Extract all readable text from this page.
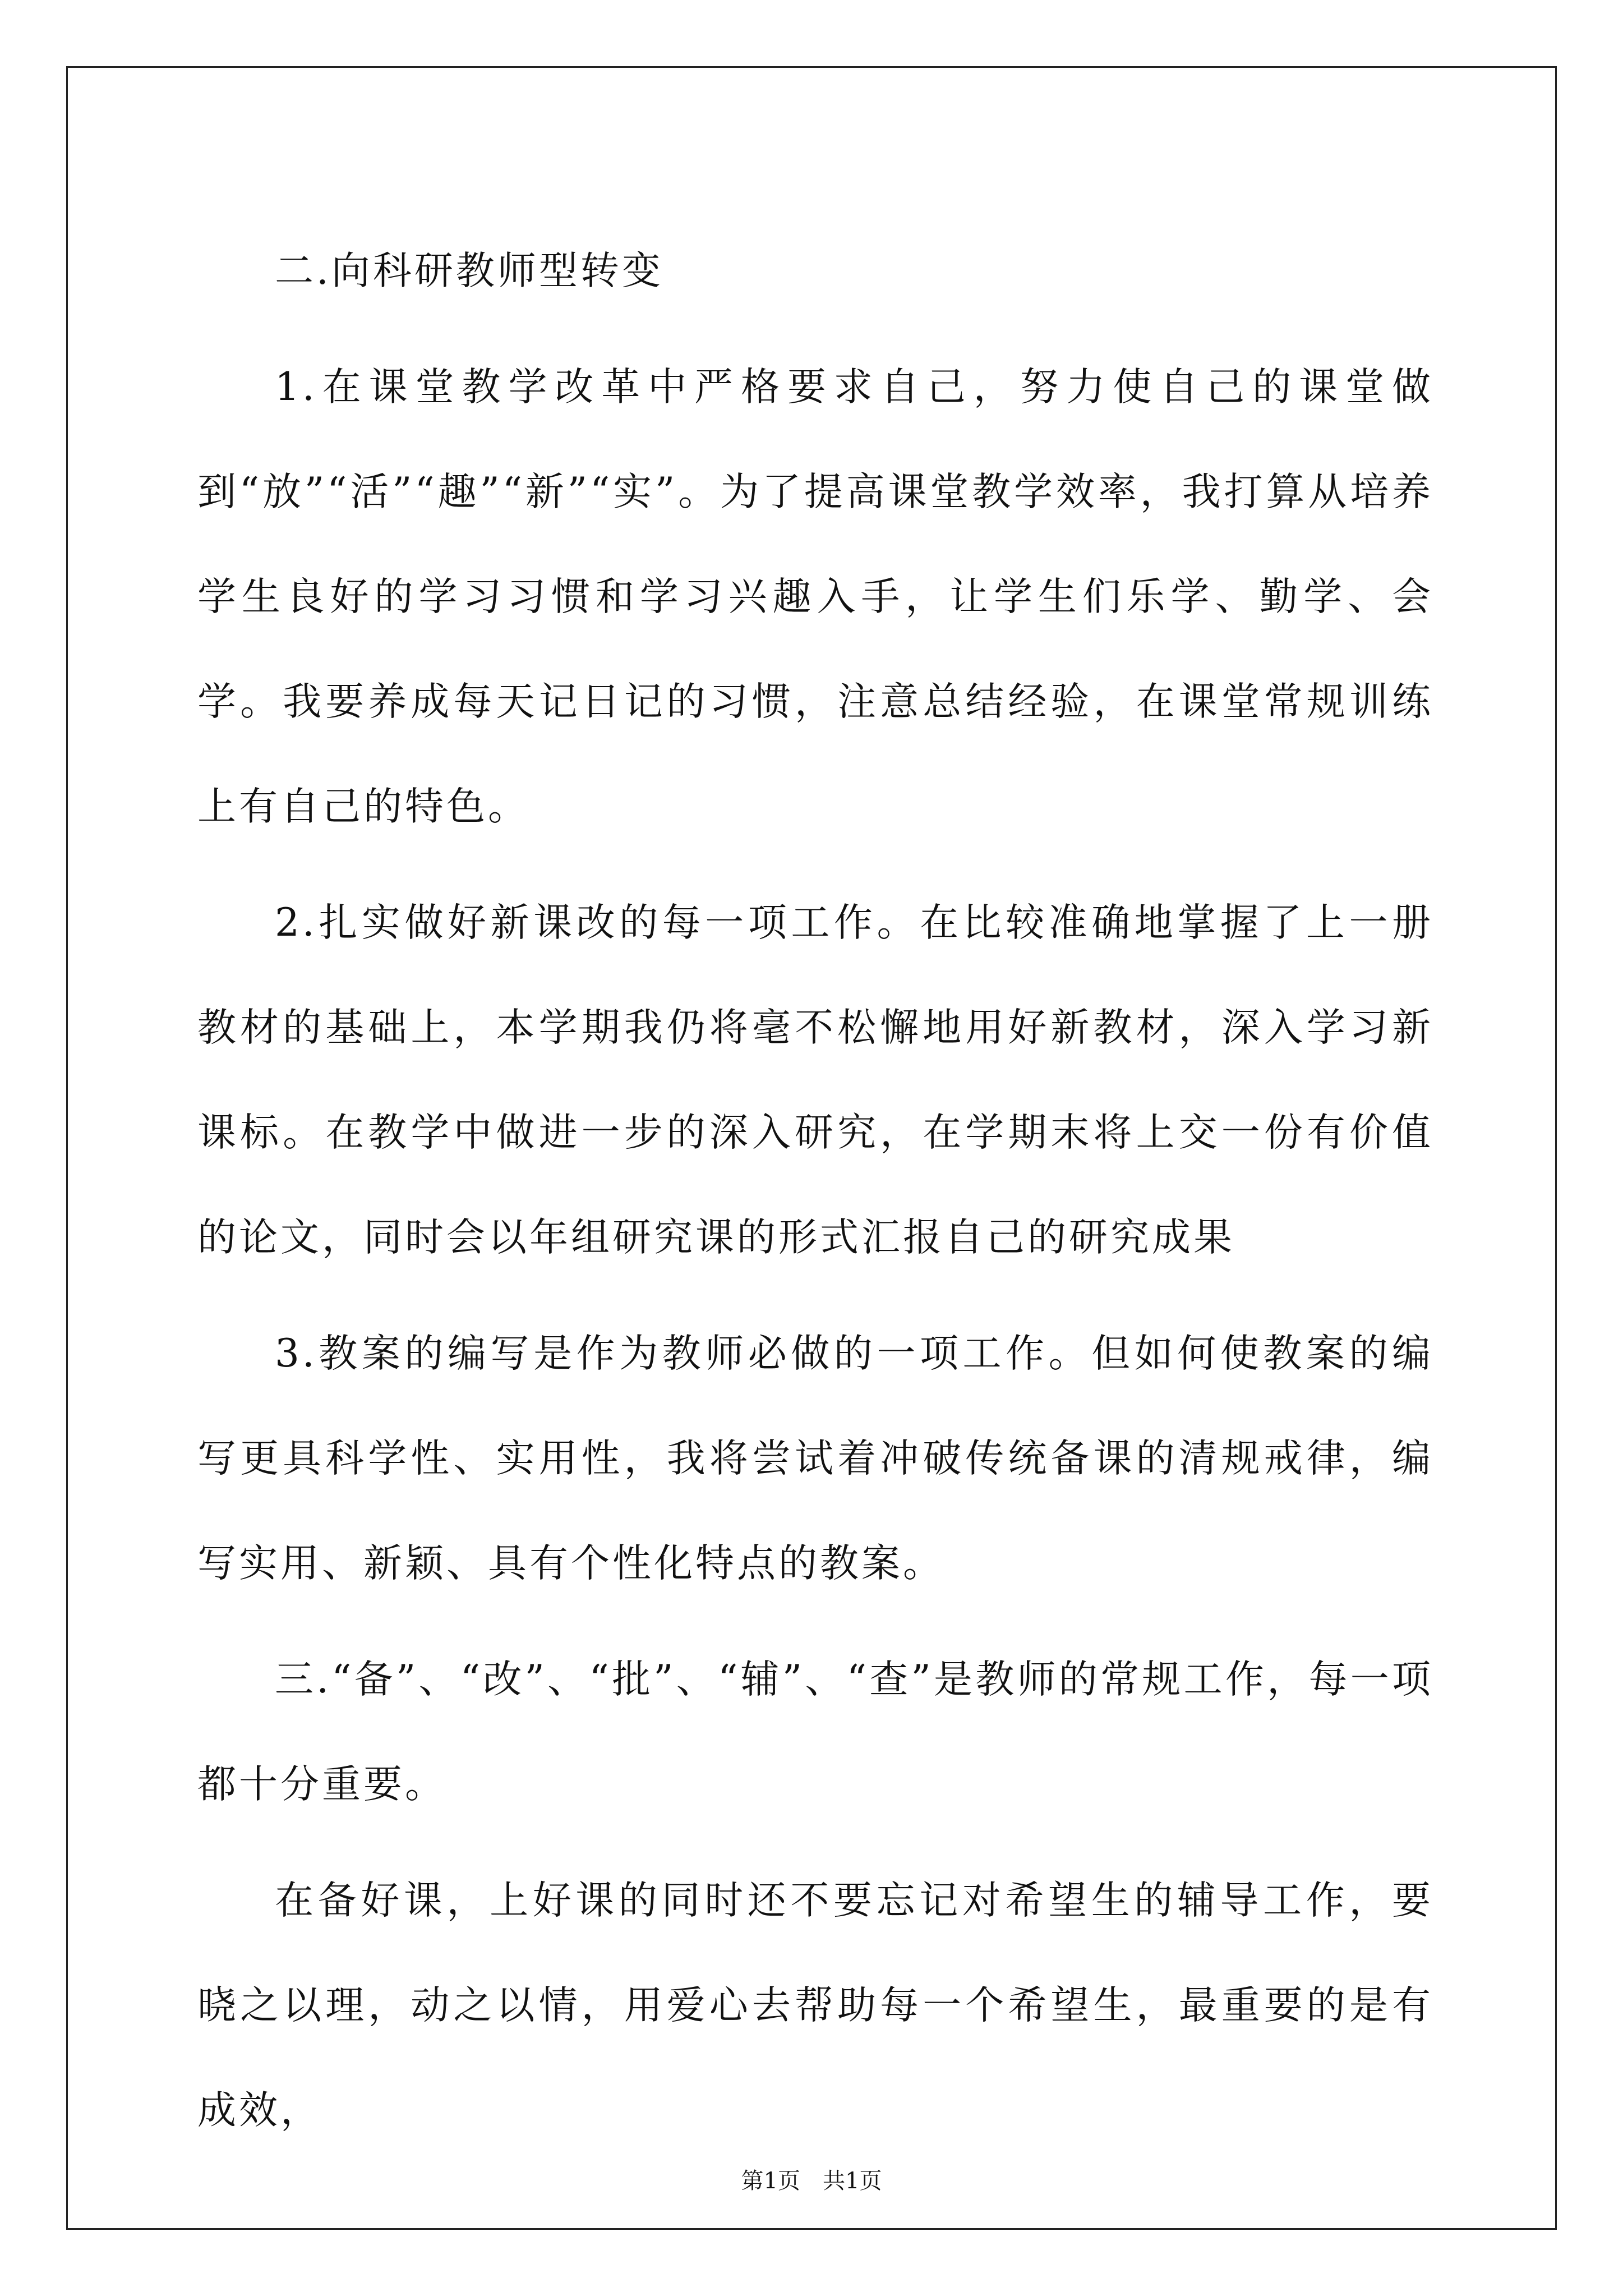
二.向科研教师型转变

1.在课堂教学改革中严格要求自己，努力使自己的课堂做到“放”“活”“趣”“新”“实”。为了提高课堂教学效率，我打算从培养学生良好的学习习惯和学习兴趣入手，让学生们乐学、勤学、会学。我要养成每天记日记的习惯，注意总结经验，在课堂常规训练上有自己的特色。

2.扎实做好新课改的每一项工作。在比较准确地掌握了上一册教材的基础上，本学期我仍将毫不松懈地用好新教材，深入学习新课标。在教学中做进一步的深入研究，在学期末将上交一份有价值的论文，同时会以年组研究课的形式汇报自己的研究成果

3.教案的编写是作为教师必做的一项工作。但如何使教案的编写更具科学性、实用性，我将尝试着冲破传统备课的清规戒律，编写实用、新颖、具有个性化特点的教案。

三.“备”、“改”、“批”、“辅”、“查”是教师的常规工作，每一项都十分重要。

在备好课，上好课的同时还不要忘记对希望生的辅导工作，要晓之以理，动之以情，用爱心去帮助每一个希望生，最重要的是有成效，

第1页 共1页
